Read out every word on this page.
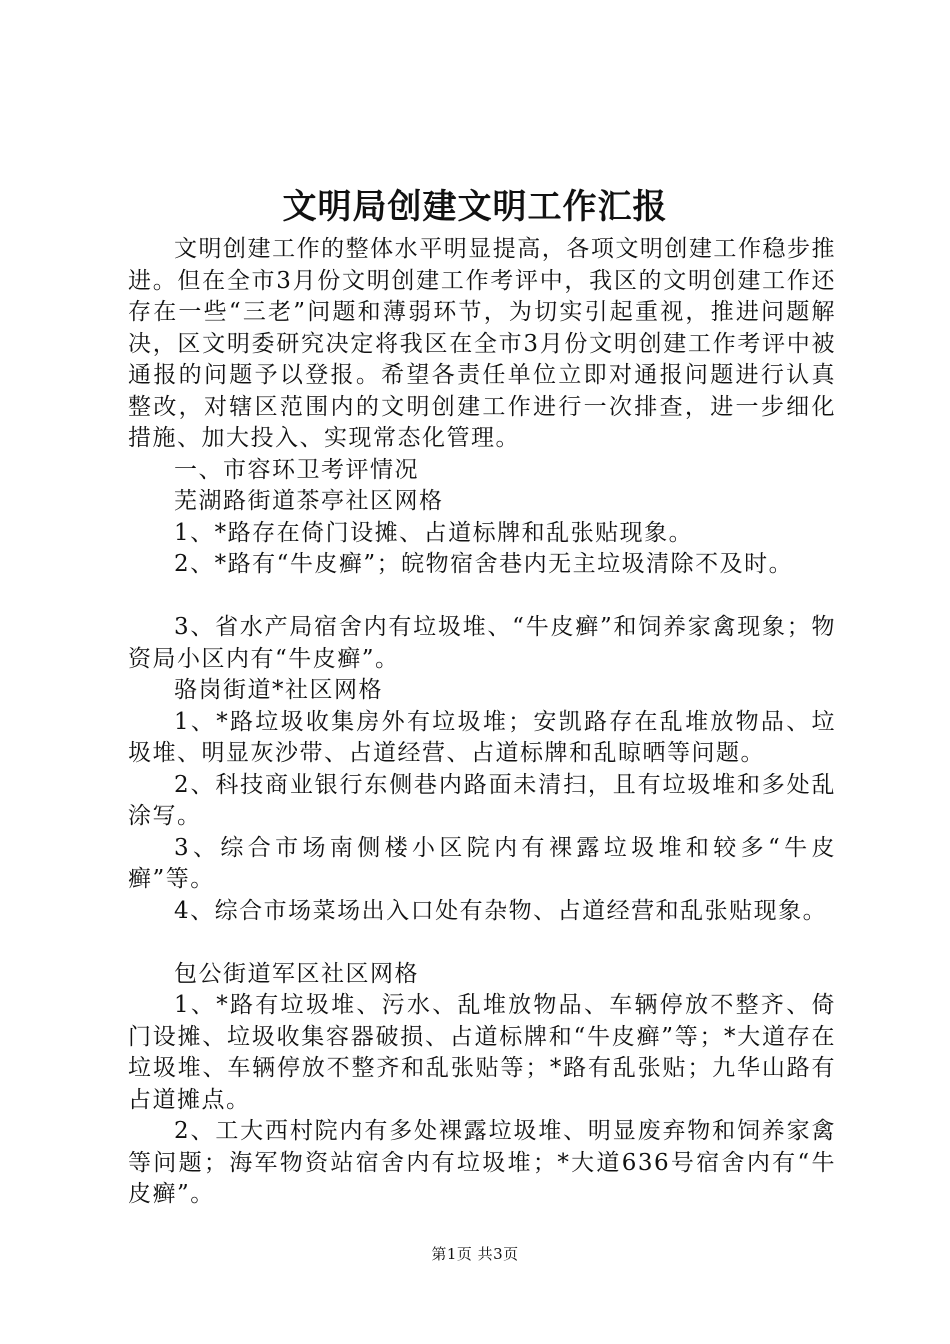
文明局创建文明工作汇报

文明创建工作的整体水平明显提高，各项文明创建工作稳步推进。但在全市3月份文明创建工作考评中，我区的文明创建工作还存在一些“三老”问题和薄弱环节，为切实引起重视，推进问题解决，区文明委研究决定将我区在全市3月份文明创建工作考评中被通报的问题予以登报。希望各责任单位立即对通报问题进行认真整改，对辖区范围内的文明创建工作进行一次排查，进一步细化措施、加大投入、实现常态化管理。

一、市容环卫考评情况

芜湖路街道茶亭社区网格

1、*路存在倚门设摊、占道标牌和乱张贴现象。

2、*路有“牛皮癣”；皖物宿舍巷内无主垃圾清除不及时。

3、省水产局宿舍内有垃圾堆、“牛皮癣”和饲养家禽现象；物资局小区内有“牛皮癣”。

骆岗街道*社区网格

1、*路垃圾收集房外有垃圾堆；安凯路存在乱堆放物品、垃圾堆、明显灰沙带、占道经营、占道标牌和乱晾晒等问题。

2、科技商业银行东侧巷内路面未清扫，且有垃圾堆和多处乱涂写。

3、综合市场南侧楼小区院内有裸露垃圾堆和较多“牛皮癣”等。

4、综合市场菜场出入口处有杂物、占道经营和乱张贴现象。

包公街道军区社区网格

1、*路有垃圾堆、污水、乱堆放物品、车辆停放不整齐、倚门设摊、垃圾收集容器破损、占道标牌和“牛皮癣”等；*大道存在垃圾堆、车辆停放不整齐和乱张贴等；*路有乱张贴；九华山路有占道摊点。

2、工大西村院内有多处裸露垃圾堆、明显废弃物和饲养家禽等问题；海军物资站宿舍内有垃圾堆；*大道636号宿舍内有“牛皮癣”。

第1页 共3页
